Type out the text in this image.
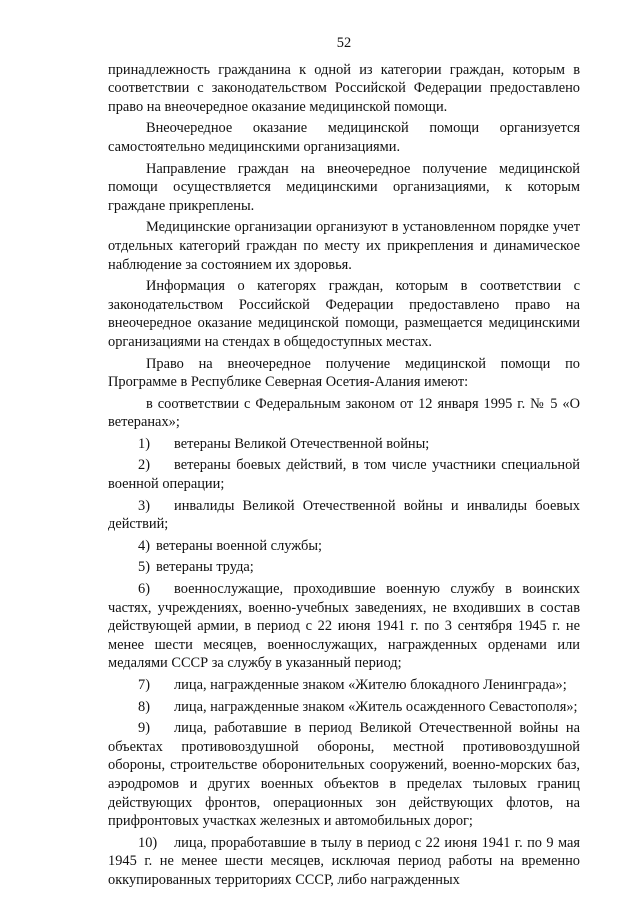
52

принадлежность гражданина к одной из категории граждан, которым в соответствии с законодательством Российской Федерации предоставлено право на внеочередное оказание медицинской помощи.

Внеочередное оказание медицинской помощи организуется самостоятельно медицинскими организациями.

Направление граждан на внеочередное получение медицинской помощи осуществляется медицинскими организациями, к которым граждане прикреплены.

Медицинские организации организуют в установленном порядке учет отдельных категорий граждан по месту их прикрепления и динамическое наблюдение за состоянием их здоровья.

Информация о категорях граждан, которым в соответствии с законодательством Российской Федерации предоставлено право на внеочередное оказание медицинской помощи, размещается медицинскими организациями на стендах в общедоступных местах.

Право на внеочередное получение медицинской помощи по Программе в Республике Северная Осетия-Алания имеют:

в соответствии с Федеральным законом от 12 января 1995 г. № 5 «О ветеранах»;

1)	ветераны Великой Отечественной войны;
2) ветераны боевых действий, в том числе участники специальной военной операции;
3) инвалиды Великой Отечественной войны и инвалиды боевых действий;
4) ветераны военной службы;
5) ветераны труда;
6) военнослужащие, проходившие военную службу в воинских частях, учреждениях, военно-учебных заведениях, не входивших в состав действующей армии, в период с 22 июня 1941 г. по 3 сентября 1945 г. не менее шести месяцев, военнослужащих, награжденных орденами или медалями СССР за службу в указанный период;
7) лица, награжденные знаком «Жителю блокадного Ленинграда»;
8) лица, награжденные знаком «Житель осажденного Севастополя»;
9) лица, работавшие в период Великой Отечественной войны на объектах противовоздушной обороны, местной противовоздушной обороны, строительстве оборонительных сооружений, военно-морских баз, аэродромов и других военных объектов в пределах тыловых границ действующих фронтов, операционных зон действующих флотов, на прифронтовых участках железных и автомобильных дорог;
10) лица, проработавшие в тылу в период с 22 июня 1941 г. по 9 мая 1945 г. не менее шести месяцев, исключая период работы на временно оккупированных территориях СССР, либо награжденных
